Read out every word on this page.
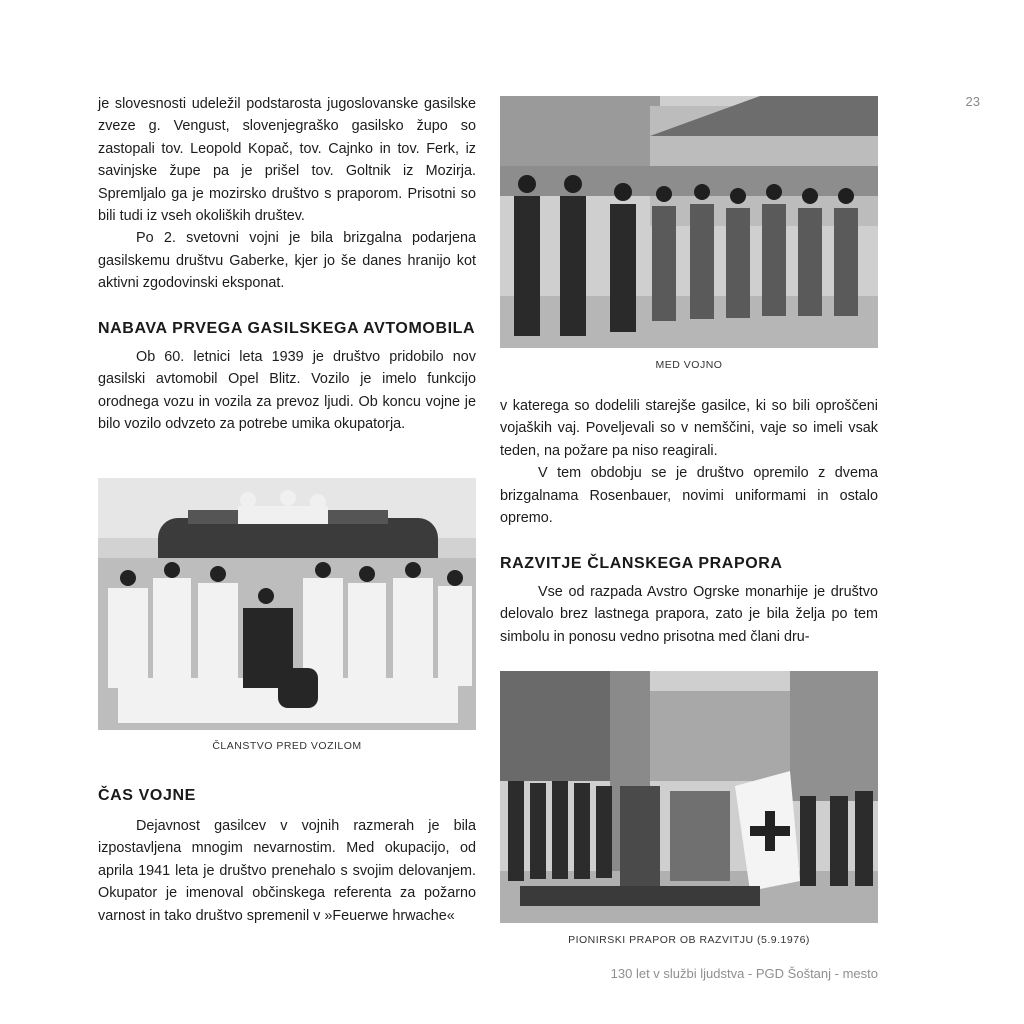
23

je slovesnosti udeležil podstarosta jugoslovanske gasilske zveze g. Vengust, slovenjegraško gasilsko župo so zastopali tov. Leopold Kopač, tov. Cajnko in tov. Ferk, iz savinjske župe pa je prišel tov. Goltnik iz Mozirja. Spremljalo ga je mozirsko društvo s praporom. Prisotni so bili tudi iz vseh okoliških društev.

Po 2. svetovni vojni je bila brizgalna podarjena gasilskemu društvu Gaberke, kjer jo še danes hranijo kot aktivni zgodovinski eksponat.

NABAVA PRVEGA GASILSKEGA AVTOMOBILA

Ob 60. letnici leta 1939 je društvo pridobilo nov gasilski avtomobil Opel Blitz. Vozilo je imelo funkcijo orodnega vozu in vozila za prevoz ljudi. Ob koncu vojne je bilo vozilo odvzeto za potrebe umika okupatorja.

ČLANSTVO PRED VOZILOM
ČAS VOJNE

Dejavnost gasilcev v vojnih razmerah je bila izpostavljena mnogim nevarnostim. Med okupacijo, od aprila 1941 leta je društvo prenehalo s svojim delovanjem. Okupator je imenoval občinskega referenta za požarno varnost in tako društvo spremenil v »Feuerwe hrwache«

MED VOJNO

v katerega so dodelili starejše gasilce, ki so bili oproščeni vojaških vaj. Poveljevali so v nemščini, vaje so imeli vsak teden, na požare pa niso reagirali.

V tem obdobju se je društvo opremilo z dvema brizgalnama Rosenbauer, novimi uniformami in ostalo opremo.

RAZVITJE ČLANSKEGA PRAPORA

Vse od razpada Avstro Ogrske monarhije je društvo delovalo brez lastnega prapora, zato je bila želja po tem simbolu in ponosu vedno prisotna med člani dru-

PIONIRSKI PRAPOR OB RAZVITJU (5.9.1976)
130 let v službi ljudstva - PGD Šoštanj - mesto
